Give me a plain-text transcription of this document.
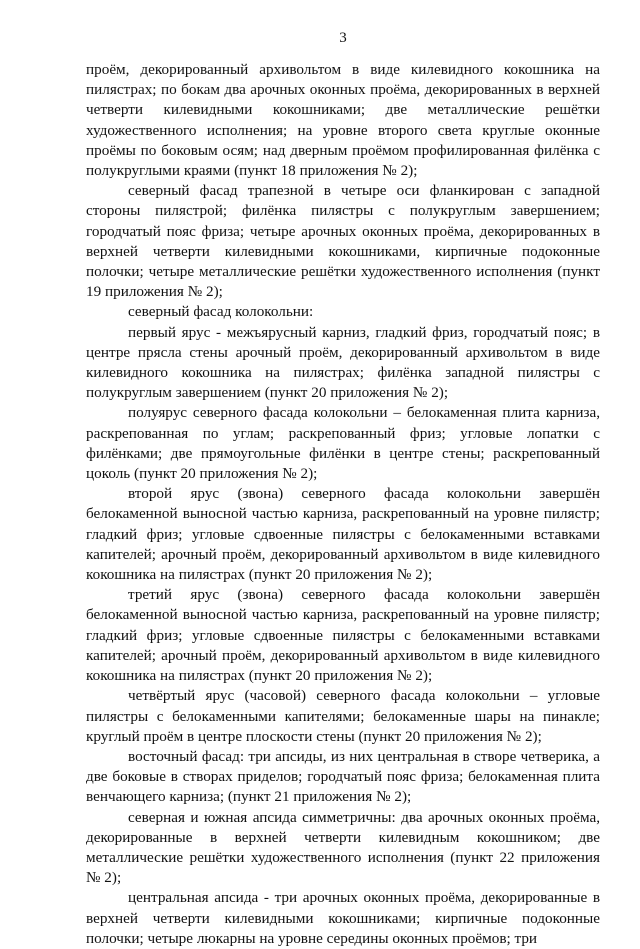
3

проём, декорированный архивольтом в виде килевидного кокошника на пилястрах; по бокам два арочных оконных проёма, декорированных в верхней четверти килевидными кокошниками; две металлические решётки художественного исполнения; на уровне второго света круглые оконные проёмы по боковым осям; над дверным проёмом профилированная филёнка с полукруглыми краями (пункт 18 приложения № 2);

северный фасад трапезной в четыре оси фланкирован с западной стороны пилястрой; филёнка пилястры с полукруглым завершением; городчатый пояс фриза; четыре арочных оконных проёма, декорированных в верхней четверти килевидными кокошниками, кирпичные подоконные полочки; четыре металлические решётки художественного исполнения (пункт 19 приложения № 2);

северный фасад колокольни:

первый ярус - межъярусный карниз, гладкий фриз, городчатый пояс; в центре прясла стены арочный проём, декорированный архивольтом в виде килевидного кокошника на пилястрах; филёнка западной пилястры с полукруглым завершением (пункт 20 приложения № 2);

полуярус северного фасада колокольни – белокаменная плита карниза, раскрепованная по углам; раскрепованный фриз; угловые лопатки с филёнками; две прямоугольные филёнки в центре стены; раскрепованный цоколь (пункт 20 приложения № 2);

второй ярус (звона) северного фасада колокольни завершён белокаменной выносной частью карниза, раскрепованный на уровне пилястр; гладкий фриз; угловые сдвоенные пилястры с белокаменными вставками капителей; арочный проём, декорированный архивольтом в виде килевидного кокошника на пилястрах (пункт 20 приложения № 2);

третий ярус (звона) северного фасада колокольни завершён белокаменной выносной частью карниза, раскрепованный на уровне пилястр; гладкий фриз; угловые сдвоенные пилястры с белокаменными вставками капителей; арочный проём, декорированный архивольтом в виде килевидного кокошника на пилястрах (пункт 20 приложения № 2);

четвёртый ярус (часовой) северного фасада колокольни – угловые пилястры с белокаменными капителями; белокаменные шары на пинакле; круглый проём в центре плоскости стены (пункт 20 приложения № 2);

восточный фасад: три апсиды, из них центральная в створе четверика, а две боковые в створах приделов; городчатый пояс фриза; белокаменная плита венчающего карниза; (пункт 21 приложения № 2);

северная и южная апсида симметричны: два арочных оконных проёма, декорированные в верхней четверти килевидным кокошником; две металлические решётки художественного исполнения (пункт 22 приложения № 2);

центральная апсида - три арочных оконных проёма, декорированные в верхней четверти килевидными кокошниками; кирпичные подоконные полочки; четыре люкарны на уровне середины оконных проёмов; три
